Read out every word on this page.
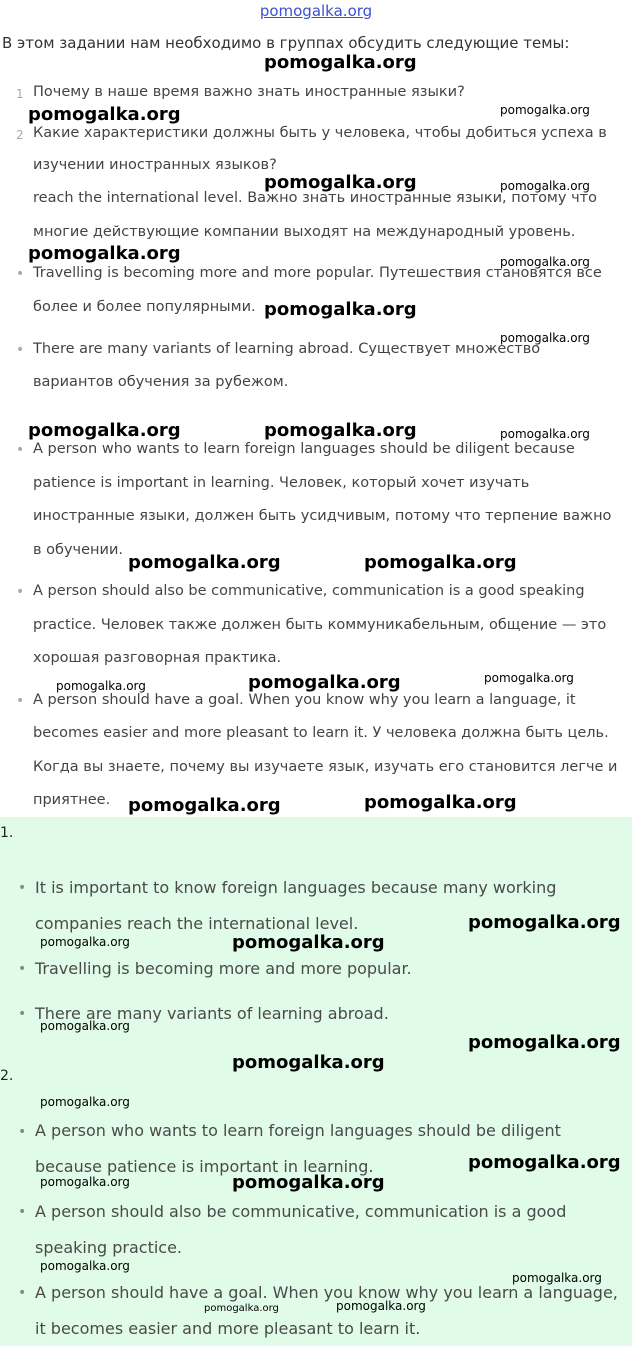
pomogalka.org
В этом задании нам необходимо в группах обсудить следующие темы:
1 Почему в наше время важно знать иностранные языки?
2 Какие характеристики должны быть у человека, чтобы добиться успеха в
изучении иностранных языков?
reach the international level. Важно знать иностранные языки, потому что
многие действующие компании выходят на международный уровень.
• Travelling is becoming more and more popular. Путешествия становятся все
более и более популярными.
• There are many variants of learning abroad. Существует множество
вариантов обучения за рубежом.
• A person who wants to learn foreign languages should be diligent because
patience is important in learning. Человек, который хочет изучать
иностранные языки, должен быть усидчивым, потому что терпение важно
в обучении.
• A person should also be communicative, communication is a good speaking
practice. Человек также должен быть коммуникабельным, общение — это
хорошая разговорная практика.
• A person should have a goal. When you know why you learn a language, it
becomes easier and more pleasant to learn it. У человека должна быть цель.
Когда вы знаете, почему вы изучаете язык, изучать его становится легче и
приятнее.
1.
• It is important to know foreign languages because many working
companies reach the international level.
• Travelling is becoming more and more popular.
• There are many variants of learning abroad.
2.
• A person who wants to learn foreign languages should be diligent
because patience is important in learning.
• A person should also be communicative, communication is a good
speaking practice.
• A person should have a goal. When you know why you learn a language,
it becomes easier and more pleasant to learn it.
pomogalka.org
pomogalka.org
pomogalka.org
pomogalka.org
pomogalka.org
pomogalka.org	pomogalka.org
pomogalka.org	pomogalka.org
pomogalka.org
pomogalka.org	pomogalka.org
pomogalka.org
pomogalka.org
pomogalka.org
pomogalka.org
pomogalka.org
pomogalka.org
pomogalka.org
pomogalka.org
pomogalka.org
pomogalka.org
pomogalka.org
pomogalka.org
pomogalka.org
pomogalka.org
pomogalka.org
pomogalka.org
pomogalka.org
pomogalka.org
pomogalka.org
pomogalka.org
pomogalka.org
